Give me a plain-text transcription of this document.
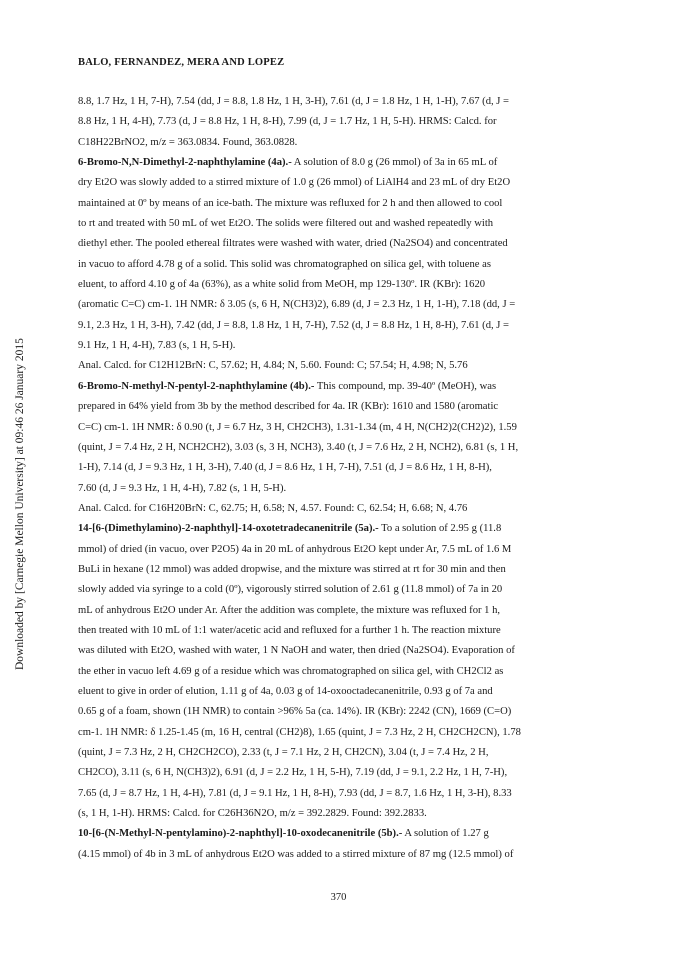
BALO, FERNANDEZ, MERA AND LOPEZ
Downloaded by [Carnegie Mellon University] at 09:46 26 January 2015
8.8, 1.7 Hz, 1 H, 7-H), 7.54 (dd, J = 8.8, 1.8 Hz, 1 H, 3-H), 7.61 (d, J = 1.8 Hz, 1 H, 1-H), 7.67 (d, J =
8.8 Hz, 1 H, 4-H), 7.73 (d, J = 8.8 Hz, 1 H, 8-H), 7.99 (d, J = 1.7 Hz, 1 H, 5-H). HRMS: Calcd. for
C18H22BrNO2, m/z = 363.0834. Found, 363.0828.
6-Bromo-N,N-Dimethyl-2-naphthylamine (4a).- A solution of 8.0 g (26 mmol) of 3a in 65 mL of
dry Et2O was slowly added to a stirred mixture of 1.0 g (26 mmol) of LiAlH4 and 23 mL of dry Et2O
maintained at 0º by means of an ice-bath. The mixture was refluxed for 2 h and then allowed to cool
to rt and treated with 50 mL of wet Et2O. The solids were filtered out and washed repeatedly with
diethyl ether. The pooled ethereal filtrates were washed with water, dried (Na2SO4) and concentrated
in vacuo to afford 4.78 g of a solid. This solid was chromatographed on silica gel, with toluene as
eluent, to afford 4.10 g of 4a (63%), as a white solid from MeOH, mp 129-130º. IR (KBr): 1620
(aromatic C=C) cm-1. 1H NMR: δ 3.05 (s, 6 H, N(CH3)2), 6.89 (d, J = 2.3 Hz, 1 H, 1-H), 7.18 (dd, J =
9.1, 2.3 Hz, 1 H, 3-H), 7.42 (dd, J = 8.8, 1.8 Hz, 1 H, 7-H), 7.52 (d, J = 8.8 Hz, 1 H, 8-H), 7.61 (d, J =
9.1 Hz, 1 H, 4-H), 7.83 (s, 1 H, 5-H).
Anal. Calcd. for C12H12BrN: C, 57.62; H, 4.84; N, 5.60. Found: C; 57.54; H, 4.98; N, 5.76
6-Bromo-N-methyl-N-pentyl-2-naphthylamine (4b).- This compound, mp. 39-40º (MeOH), was
prepared in 64% yield from 3b by the method described for 4a. IR (KBr): 1610 and 1580 (aromatic
C=C) cm-1. 1H NMR: δ 0.90 (t, J = 6.7 Hz, 3 H, CH2CH3), 1.31-1.34 (m, 4 H, N(CH2)2(CH2)2), 1.59
(quint, J = 7.4 Hz, 2 H, NCH2CH2), 3.03 (s, 3 H, NCH3), 3.40 (t, J = 7.6 Hz, 2 H, NCH2), 6.81 (s, 1 H,
1-H), 7.14 (d, J = 9.3 Hz, 1 H, 3-H), 7.40 (d, J = 8.6 Hz, 1 H, 7-H), 7.51 (d, J = 8.6 Hz, 1 H, 8-H),
7.60 (d, J = 9.3 Hz, 1 H, 4-H), 7.82 (s, 1 H, 5-H).
Anal. Calcd. for C16H20BrN: C, 62.75; H, 6.58; N, 4.57. Found: C, 62.54; H, 6.68; N, 4.76
14-[6-(Dimethylamino)-2-naphthyl]-14-oxotetradecanenitrile (5a).- To a solution of 2.95 g (11.8
mmol) of dried (in vacuo, over P2O5) 4a in 20 mL of anhydrous Et2O kept under Ar, 7.5 mL of 1.6 M
BuLi in hexane (12 mmol) was added dropwise, and the mixture was stirred at rt for 30 min and then
slowly added via syringe to a cold (0º), vigorously stirred solution of 2.61 g (11.8 mmol) of 7a in 20
mL of anhydrous Et2O under Ar. After the addition was complete, the mixture was refluxed for 1 h,
then treated with 10 mL of 1:1 water/acetic acid and refluxed for a further 1 h. The reaction mixture
was diluted with Et2O, washed with water, 1 N NaOH and water, then dried (Na2SO4). Evaporation of
the ether in vacuo left 4.69 g of a residue which was chromatographed on silica gel, with CH2Cl2 as
eluent to give in order of elution, 1.11 g of 4a, 0.03 g of 14-oxooctadecanenitrile, 0.93 g of 7a and
0.65 g of a foam, shown (1H NMR) to contain >96% 5a (ca. 14%). IR (KBr): 2242 (CN), 1669 (C=O)
cm-1. 1H NMR: δ 1.25-1.45 (m, 16 H, central (CH2)8), 1.65 (quint, J = 7.3 Hz, 2 H, CH2CH2CN), 1.78
(quint, J = 7.3 Hz, 2 H, CH2CH2CO), 2.33 (t, J = 7.1 Hz, 2 H, CH2CN), 3.04 (t, J = 7.4 Hz, 2 H,
CH2CO), 3.11 (s, 6 H, N(CH3)2), 6.91 (d, J = 2.2 Hz, 1 H, 5-H), 7.19 (dd, J = 9.1, 2.2 Hz, 1 H, 7-H),
7.65 (d, J = 8.7 Hz, 1 H, 4-H), 7.81 (d, J = 9.1 Hz, 1 H, 8-H), 7.93 (dd, J = 8.7, 1.6 Hz, 1 H, 3-H), 8.33
(s, 1 H, 1-H). HRMS: Calcd. for C26H36N2O, m/z = 392.2829. Found: 392.2833.
10-[6-(N-Methyl-N-pentylamino)-2-naphthyl]-10-oxodecanenitrile (5b).- A solution of 1.27 g
(4.15 mmol) of 4b in 3 mL of anhydrous Et2O was added to a stirred mixture of 87 mg (12.5 mmol) of
370
